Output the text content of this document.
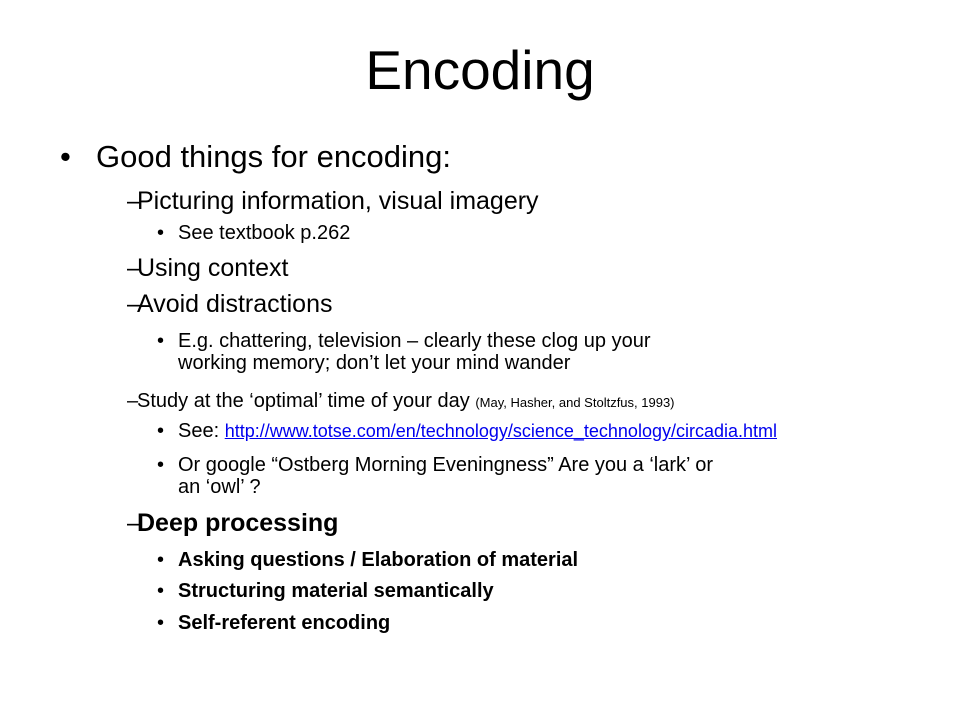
Encoding
• Good things for encoding:
–
Picturing information, visual imagery
• See textbook p.262
–
Using context
–
Avoid distractions
• E.g. chattering, television – clearly these clog up your
working memory; don’t let your mind wander
–
Study at the ‘optimal’ time of your day (May, Hasher, and Stoltzfus, 1993)
• See: http://www.totse.com/en/technology/science_technology/circadia.html
• Or google “Ostberg Morning Eveningness” Are you a ‘lark’ or
an ‘owl’ ?
–
Deep processing
• Asking questions / Elaboration of material
• Structuring material semantically
• Self-referent encoding
